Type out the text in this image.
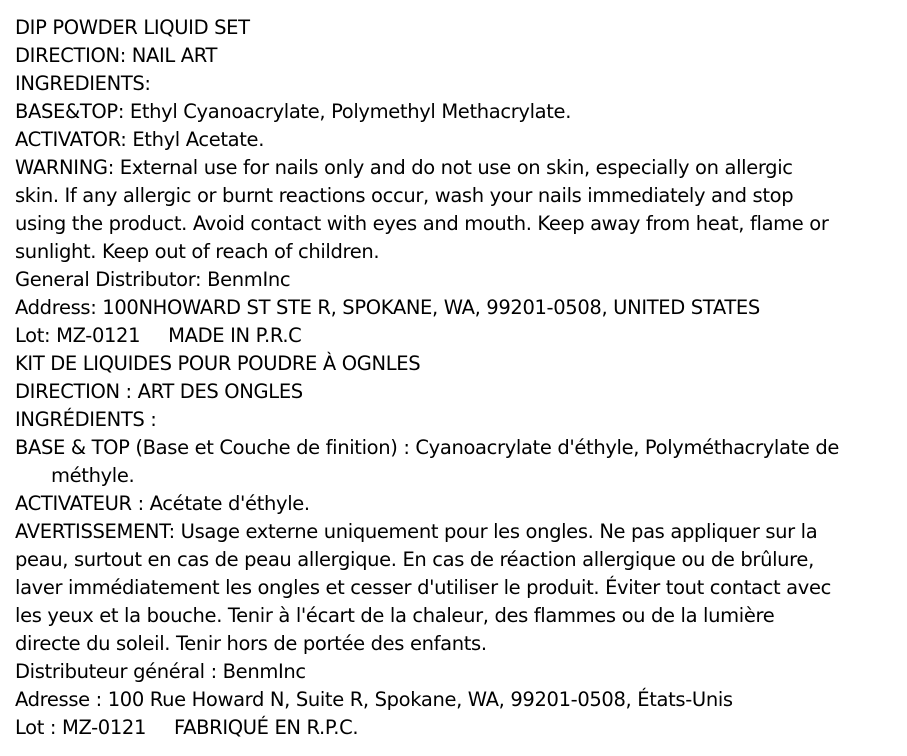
DIP POWDER LIQUID SET
DIRECTION: NAIL ART
INGREDIENTS:
BASE&TOP: Ethyl Cyanoacrylate, Polymethyl Methacrylate.
ACTIVATOR: Ethyl Acetate.
WARNING: External use for nails only and do not use on skin, especially on allergic
skin. If any allergic or burnt reactions occur, wash your nails immediately and stop
using the product. Avoid contact with eyes and mouth. Keep away from heat, flame or
sunlight. Keep out of reach of children.
General Distributor: BenmInc
Address: 100NHOWARD ST STE R, SPOKANE, WA, 99201-0508, UNITED STATES
Lot: MZ-0121 MADE IN P.R.C
KIT DE LIQUIDES POUR POUDRE À OGNLES
DIRECTION : ART DES ONGLES
INGRÉDIENTS :
BASE & TOP (Base et Couche de finition) : Cyanoacrylate d'éthyle, Polyméthacrylate de
méthyle.
ACTIVATEUR : Acétate d'éthyle.
AVERTISSEMENT: Usage externe uniquement pour les ongles. Ne pas appliquer sur la
peau, surtout en cas de peau allergique. En cas de réaction allergique ou de brûlure,
laver immédiatement les ongles et cesser d'utiliser le produit. Éviter tout contact avec
les yeux et la bouche. Tenir à l'écart de la chaleur, des flammes ou de la lumière
directe du soleil. Tenir hors de portée des enfants.
Distributeur général : BenmInc
Adresse : 100 Rue Howard N, Suite R, Spokane, WA, 99201-0508, États-Unis
Lot : MZ-0121 FABRIQUÉ EN R.P.C.
